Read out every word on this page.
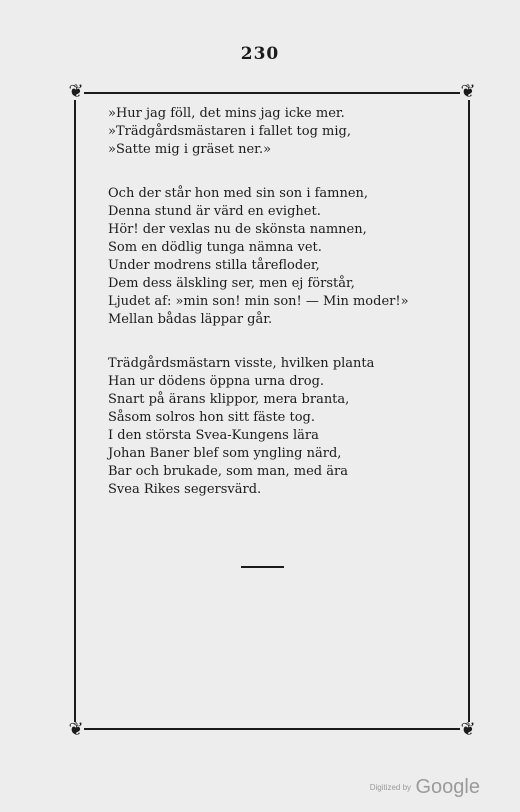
230
❦	❦
❦	❦
»Hur jag föll, det mins jag icke mer.
»Trädgårdsmästaren i fallet tog mig,
»Satte mig i gräset ner.»
Och der står hon med sin son i famnen,
Denna stund är värd en evighet.
Hör! der vexlas nu de skönsta namnen,
Som en dödlig tunga nämna vet.
Under modrens stilla tårefloder,
Dem dess älskling ser, men ej förstår,
Ljudet af: »min son! min son! — Min moder!»
Mellan bådas läppar går.
Trädgårdsmästarn visste, hvilken planta
Han ur dödens öppna urna drog.
Snart på ärans klippor, mera branta,
Såsom solros hon sitt fäste tog.
I den största Svea-Kungens lära
Johan Baner blef som yngling närd,
Bar och brukade, som man, med ära
Svea Rikes segersvärd.
Digitized by Google
